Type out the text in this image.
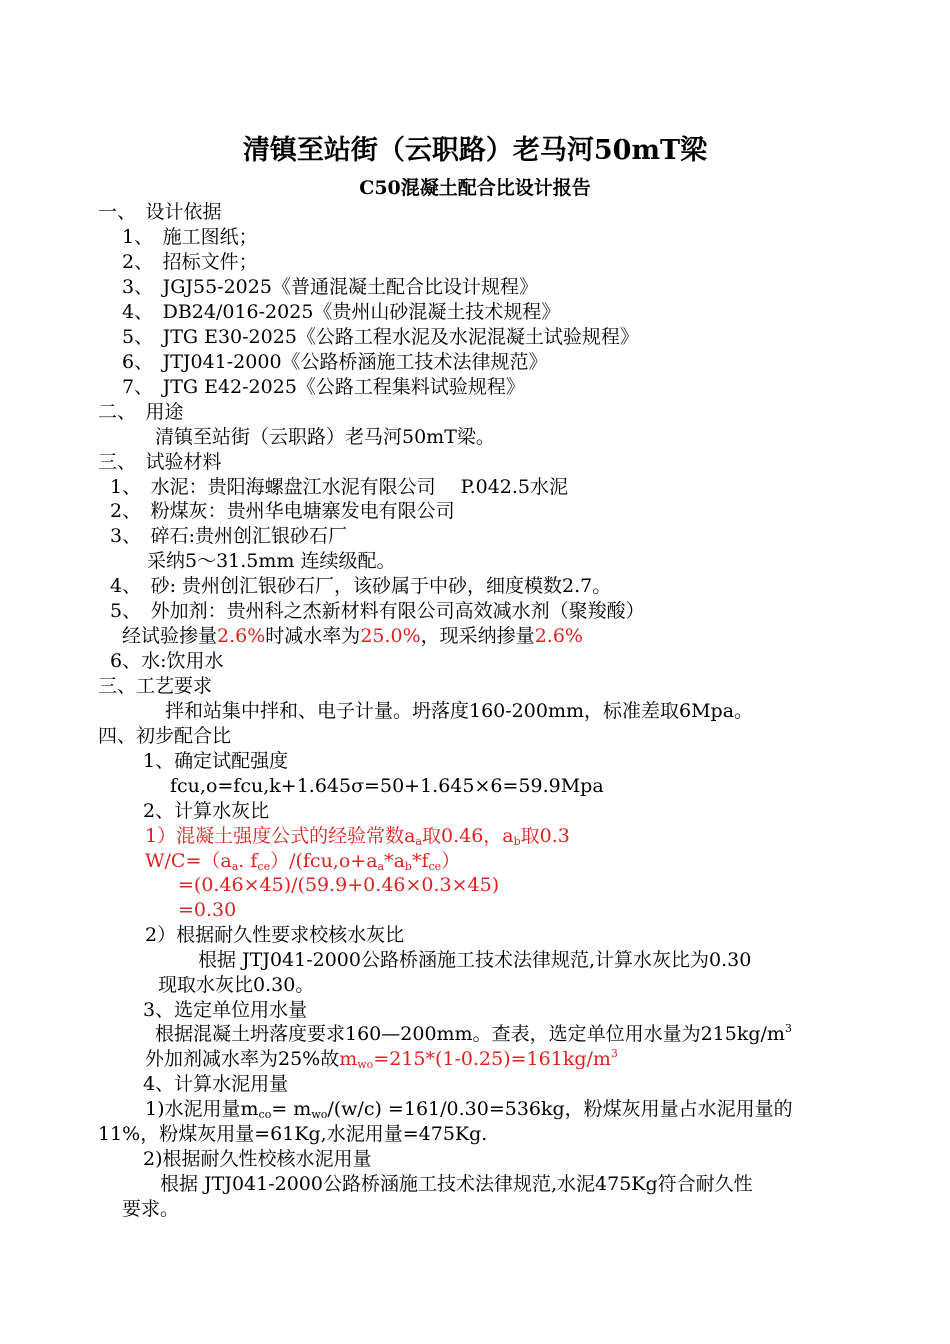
清镇至站街（云职路）老马河50mT梁
C50混凝土配合比设计报告
一、　设计依据
1、　施工图纸；
2、　招标文件；
3、　JGJ55-2025《普通混凝土配合比设计规程》
4、　DB24/016-2025《贵州山砂混凝土技术规程》
5、　JTG E30-2025《公路工程水泥及水泥混凝土试验规程》
6、　JTJ041-2000《公路桥涵施工技术法律规范》
7、　JTG E42-2025《公路工程集料试验规程》
二、　用途
清镇至站街（云职路）老马河50mT梁。
三、　试验材料
1、　水泥：贵阳海螺盘江水泥有限公司　 P.042.5水泥
2、　粉煤灰：贵州华电塘寨发电有限公司
3、　碎石:贵州创汇银砂石厂
采纳5～31.5mm 连续级配。
4、　砂: 贵州创汇银砂石厂，该砂属于中砂，细度模数2.7。
5、　外加剂：贵州科之杰新材料有限公司高效减水剂（聚羧酸）
经试验掺量2.6%时减水率为25.0%，现采纳掺量2.6%
6、水:饮用水
三、工艺要求
拌和站集中拌和、电子计量。坍落度160-200mm，标准差取6Mpa。
四、初步配合比
1、确定试配强度
fcu,o=fcu,k+1.645σ=50+1.645×6=59.9Mpa
2、计算水灰比
1）混凝土强度公式的经验常数$a_a$取0.46，$a_b$取0.3
$W/C=(a_a$. $f_{ce})/(fcu,o+a_a*a_b*f_{ce})$
=(0.46×45)/(59.9+0.46×0.3×45)
=0.30
2）根据耐久性要求校核水灰比
根据 JTJ041-2000公路桥涵施工技术法律规范,计算水灰比为0.30
现取水灰比0.30。
3、选定单位用水量
根据混凝土坍落度要求160—200mm。查表，选定单位用水量为$215kg/m^3$
外加剂减水率为25%故$m_{wo}=215*(1-0.25)=161kg/m^3$
4、计算水泥用量
1)水泥用量$m_{co}= m_{wo}/(w/c) =161/0.30=536kg$，粉煤灰用量占水泥用量的
11%，粉煤灰用量=61Kg,水泥用量=475Kg.
2)根据耐久性校核水泥用量
根据 JTJ041-2000公路桥涵施工技术法律规范,水泥475Kg符合耐久性
要求。
